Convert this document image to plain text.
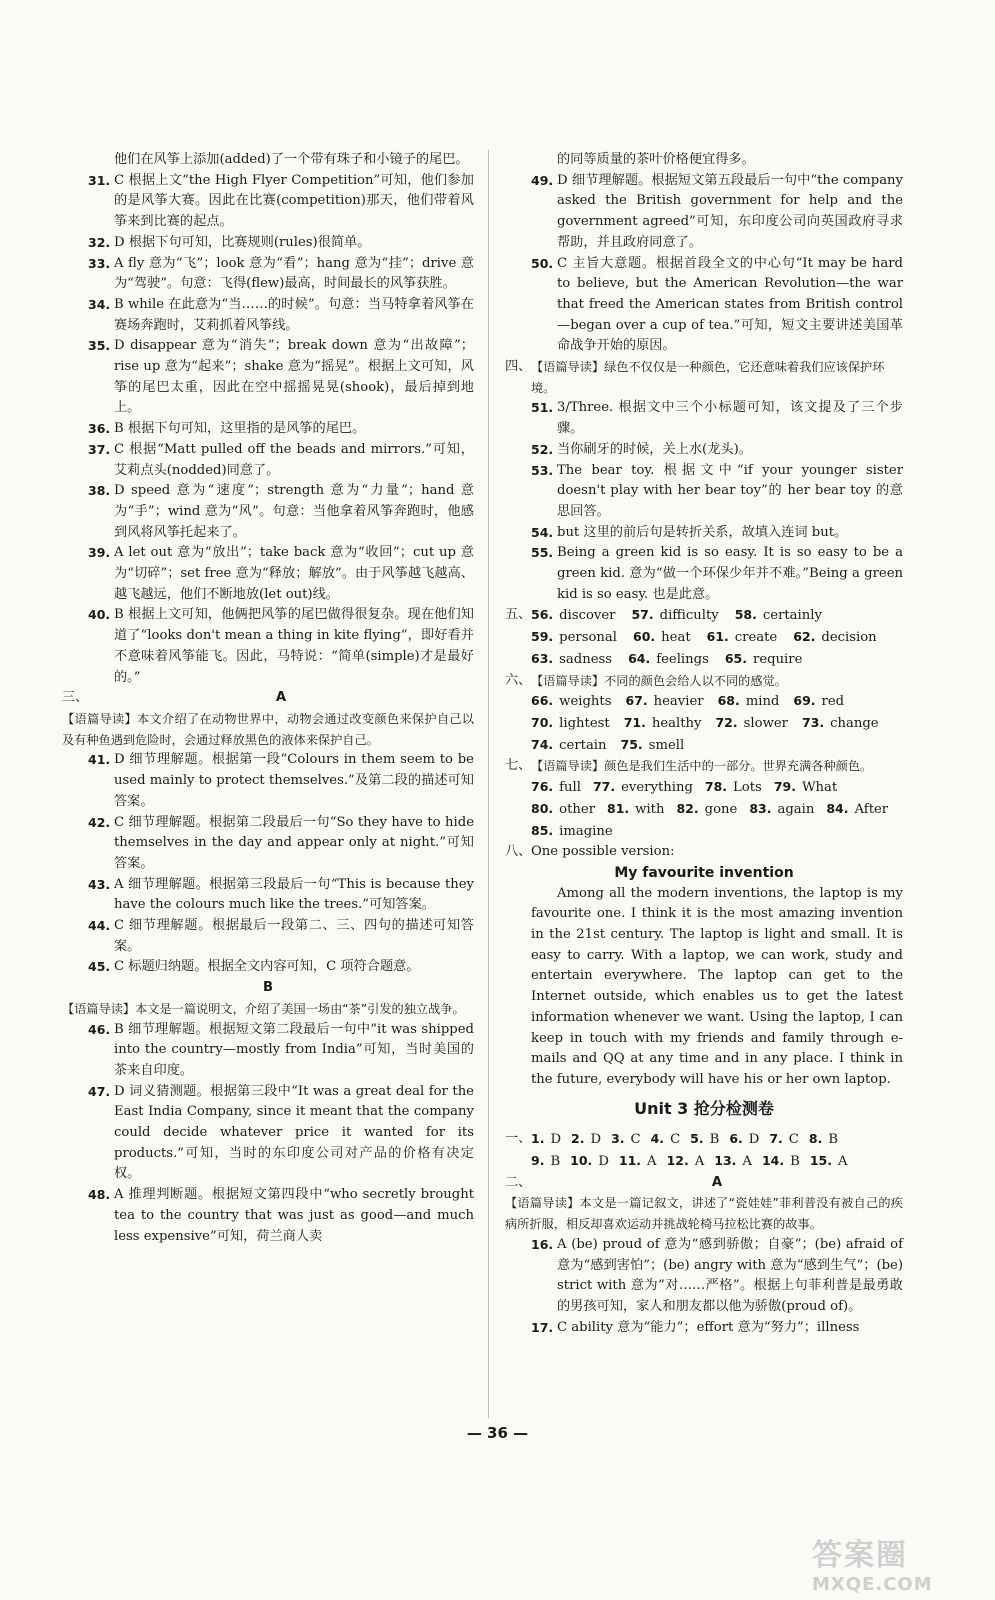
他们在风筝上添加(added)了一个带有珠子和小镜子的尾巴。
31. C 根据上文“the High Flyer Competition”可知，他们参加的是风筝大赛。因此在比赛(competition)那天，他们带着风筝来到比赛的起点。
32. D 根据下句可知，比赛规则(rules)很简单。
33. A fly 意为“飞”；look 意为“看”；hang 意为“挂”；drive 意为“驾驶”。句意：飞得(flew)最高，时间最长的风筝获胜。
34. B while 在此意为“当……的时候”。句意：当马特拿着风筝在赛场奔跑时，艾莉抓着风筝线。
35. D disappear 意为“消失”；break down 意为“出故障”；rise up 意为“起来”；shake 意为“摇晃”。根据上文可知，风筝的尾巴太重，因此在空中摇摇晃晃(shook)，最后掉到地上。
36. B 根据下句可知，这里指的是风筝的尾巴。
37. C 根据“Matt pulled off the beads and mirrors.”可知，艾莉点头(nodded)同意了。
38. D speed 意为“速度”；strength 意为“力量”；hand 意为“手”；wind 意为“风”。句意：当他拿着风筝奔跑时，他感到风将风筝托起来了。
39. A let out 意为“放出”；take back 意为“收回”；cut up 意为“切碎”；set free 意为“释放；解放”。由于风筝越飞越高、越飞越远，他们不断地放(let out)线。
40. B 根据上文可知，他俩把风筝的尾巴做得很复杂。现在他们知道了“looks don't mean a thing in kite flying”，即好看并不意味着风筝能飞。因此，马特说：“简单(simple)才是最好的。”
三、	A
【语篇导读】本文介绍了在动物世界中，动物会通过改变颜色来保护自己以及有种鱼遇到危险时，会通过释放黑色的液体来保护自己。
41. D 细节理解题。根据第一段“Colours in them seem to be used mainly to protect themselves.”及第二段的描述可知答案。
42. C 细节理解题。根据第二段最后一句“So they have to hide themselves in the day and appear only at night.”可知答案。
43. A 细节理解题。根据第三段最后一句“This is because they have the colours much like the trees.”可知答案。
44. C 细节理解题。根据最后一段第二、三、四句的描述可知答案。
45. C 标题归纳题。根据全文内容可知，C 项符合题意。
B
【语篇导读】本文是一篇说明文，介绍了美国一场由“茶”引发的独立战争。
46. B 细节理解题。根据短文第二段最后一句中“it was shipped into the country—mostly from India”可知，当时美国的茶来自印度。
47. D 词义猜测题。根据第三段中“It was a great deal for the East India Company, since it meant that the company could decide whatever price it wanted for its products.”可知，当时的东印度公司对产品的价格有决定权。
48. A 推理判断题。根据短文第四段中“who secretly brought tea to the country that was just as good—and much less expensive”可知，荷兰商人卖
的同等质量的茶叶价格便宜得多。
49. D 细节理解题。根据短文第五段最后一句中“the company asked the British government for help and the government agreed”可知，东印度公司向英国政府寻求帮助，并且政府同意了。
50. C 主旨大意题。根据首段全文的中心句“It may be hard to believe, but the American Revolution—the war that freed the American states from British control—began over a cup of tea.”可知，短文主要讲述美国革命战争开始的原因。
四、 【语篇导读】绿色不仅仅是一种颜色，它还意味着我们应该保护环境。
51. 3/Three. 根据文中三个小标题可知，该文提及了三个步骤。
52. 当你刷牙的时候，关上水(龙头)。
53. The bear toy. 根据文中“if your younger sister doesn't play with her bear toy”的 her bear toy 的意思回答。
54. but 这里的前后句是转折关系，故填入连词 but。
55. Being a green kid is so easy. It is so easy to be a green kid. 意为“做一个环保少年并不难。”Being a green kid is so easy. 也是此意。
五、 56. discover 57. difficulty 58. certainly
59. personal 60. heat 61. create 62. decision
63. sadness 64. feelings 65. require
六、 【语篇导读】不同的颜色会给人以不同的感觉。
66. weights 67. heavier 68. mind 69. red
70. lightest 71. healthy 72. slower 73. change
74. certain 75. smell
七、 【语篇导读】颜色是我们生活中的一部分。世界充满各种颜色。
76. full 77. everything 78. Lots 79. What
80. other 81. with 82. gone 83. again 84. After
85. imagine
八、 One possible version:
My favourite invention
Among all the modern inventions, the laptop is my favourite one. I think it is the most amazing invention in the 21st century. The laptop is light and small. It is easy to carry. With a laptop, we can work, study and entertain everywhere. The laptop can get to the Internet outside, which enables us to get the latest information whenever we want. Using the laptop, I can keep in touch with my friends and family through e-mails and QQ at any time and in any place. I think in the future, everybody will have his or her own laptop.
Unit 3 抢分检测卷
一、 1. D 2. D 3. C 4. C 5. B 6. D 7. C 8. B
9. B 10. D 11. A 12. A 13. A 14. B 15. A
二、	A
【语篇导读】本文是一篇记叙文，讲述了“瓷娃娃”菲利普没有被自己的疾病所折服，相反却喜欢运动并挑战轮椅马拉松比赛的故事。
16. A (be) proud of 意为“感到骄傲；自豪”；(be) afraid of 意为“感到害怕”；(be) angry with 意为“感到生气”；(be) strict with 意为“对……严格”。根据上句菲利普是最勇敢的男孩可知，家人和朋友都以他为骄傲(proud of)。
17. C ability 意为“能力”；effort 意为“努力”；illness
— 36 —
答案圈
MXQE.COM
